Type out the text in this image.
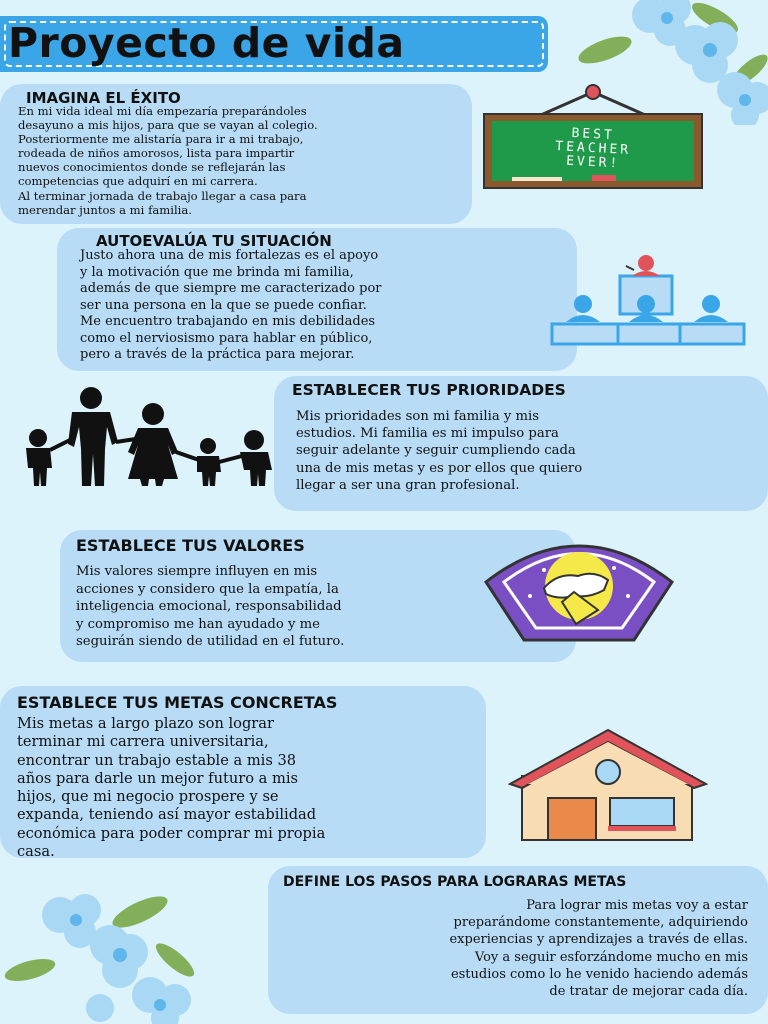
Proyecto de vida
IMAGINA EL ÉXITO
En mi vida ideal mi día empezaría preparándoles
desayuno a mis hijos, para que se vayan al colegio.
Posteriormente me alistaría para ir a mi trabajo,
rodeada de niños amorosos, lista para impartir
nuevos conocimientos donde se reflejarán las
competencias que adquirí en mi carrera.
Al terminar jornada de trabajo llegar a casa para
merendar juntos a mi familia.
BEST
TEACHER
EVER!
AUTOEVALÚA TU SITUACIÓN
Justo ahora una de mis fortalezas es el apoyo
y la motivación que me brinda mi familia,
además de que siempre me caracterizado por
ser una persona en la que se puede confiar.
Me encuentro trabajando en mis debilidades
como el nerviosismo para hablar en público,
pero a través de la práctica para mejorar.
ESTABLECER TUS PRIORIDADES
Mis prioridades son mi familia y mis
estudios. Mi familia es mi impulso para
seguir adelante y seguir cumpliendo cada
una de mis metas y es por ellos que quiero
llegar a ser una gran profesional.
ESTABLECE TUS VALORES
Mis valores siempre influyen en mis
acciones y considero que la empatía, la
inteligencia emocional, responsabilidad
y compromiso me han ayudado y me
seguirán siendo de utilidad en el futuro.
ESTABLECE TUS METAS CONCRETAS
Mis metas a largo plazo son lograr
terminar mi carrera universitaria,
encontrar un trabajo estable a mis 38
años para darle un mejor futuro a mis
hijos, que mi negocio prospere y se
expanda, teniendo así mayor estabilidad
económica para poder comprar mi propia
casa.
DEFINE LOS PASOS PARA LOGRARAS METAS
Para lograr mis metas voy a estar
preparándome constantemente, adquiriendo
experiencias y aprendizajes a través de ellas.
Voy a seguir esforzándome mucho en mis
estudios como lo he venido haciendo además
de tratar de mejorar cada día.
